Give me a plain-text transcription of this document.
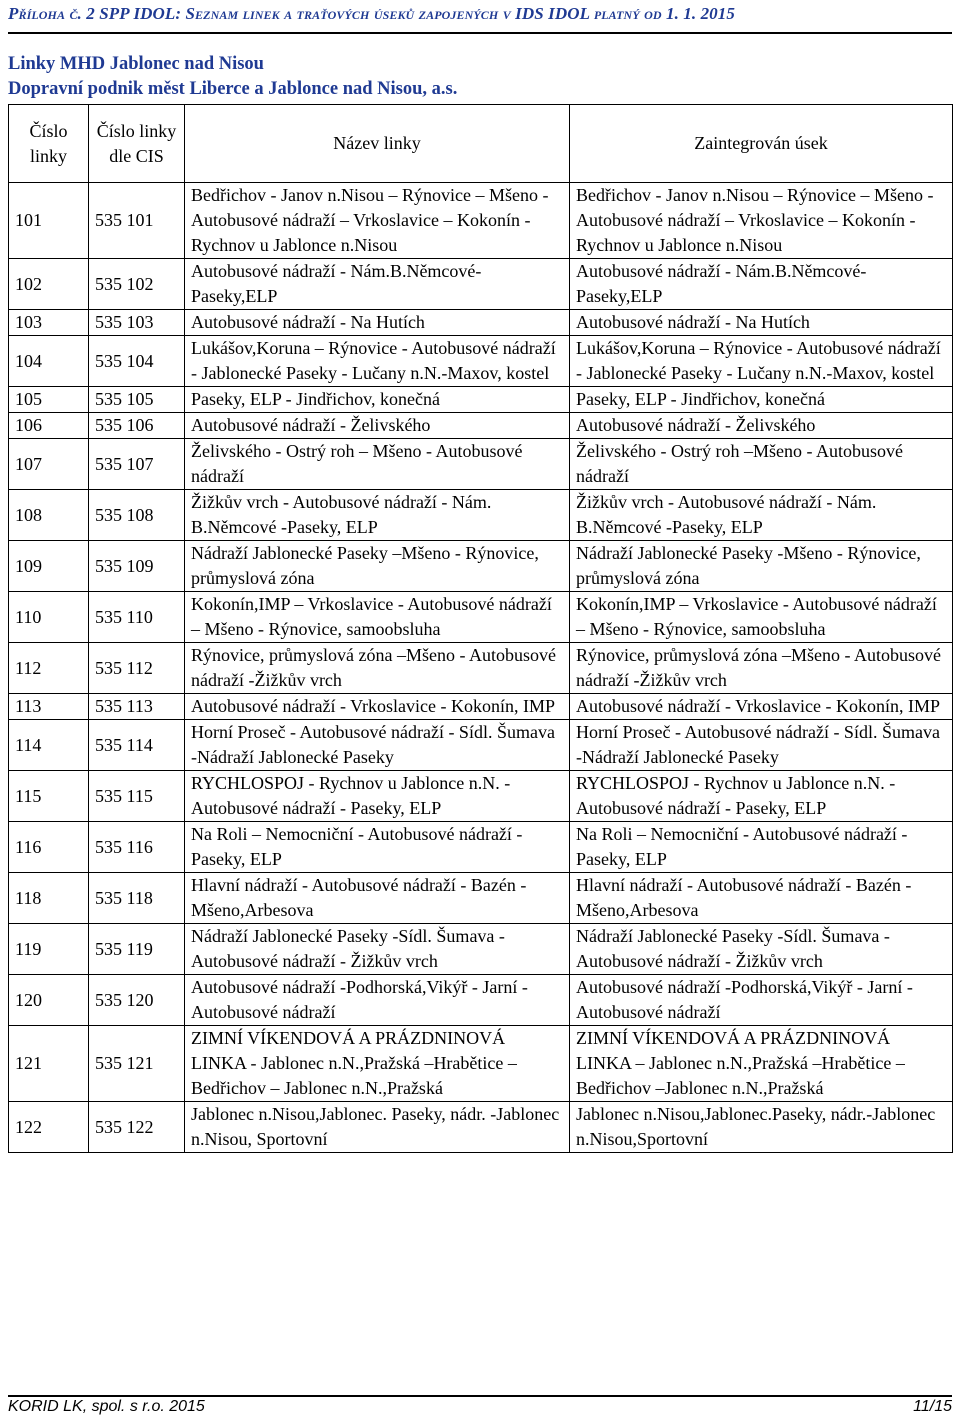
Příloha č. 2 SPP IDOL: Seznam linek a traťových úseků zapojených v IDS IDOL platný od 1. 1. 2015
Linky MHD Jablonec nad Nisou
Dopravní podnik měst Liberce a Jablonce nad Nisou, a.s.
Číslo linky	Číslo linky dle CIS	Název linky	Zaintegrován úsek
101	535 101	Bedřichov - Janov n.Nisou – Rýnovice – Mšeno - Autobusové nádraží – Vrkoslavice – Kokonín -Rychnov u Jablonce n.Nisou	Bedřichov - Janov n.Nisou – Rýnovice – Mšeno - Autobusové nádraží – Vrkoslavice – Kokonín -Rychnov u Jablonce n.Nisou
102	535 102	Autobusové nádraží - Nám.B.Němcové-Paseky,ELP	Autobusové nádraží - Nám.B.Němcové-Paseky,ELP
103	535 103	Autobusové nádraží - Na Hutích	Autobusové nádraží - Na Hutích
104	535 104	Lukášov,Koruna – Rýnovice - Autobusové nádraží - Jablonecké Paseky - Lučany n.N.-Maxov, kostel	Lukášov,Koruna – Rýnovice - Autobusové nádraží - Jablonecké Paseky - Lučany n.N.-Maxov, kostel
105	535 105	Paseky, ELP - Jindřichov, konečná	Paseky, ELP - Jindřichov, konečná
106	535 106	Autobusové nádraží - Želivského	Autobusové nádraží - Želivského
107	535 107	Želivského - Ostrý roh – Mšeno - Autobusové nádraží	Želivského - Ostrý roh –Mšeno - Autobusové nádraží
108	535 108	Žižkův vrch - Autobusové nádraží - Nám. B.Němcové -Paseky, ELP	Žižkův vrch - Autobusové nádraží - Nám. B.Němcové -Paseky, ELP
109	535 109	Nádraží Jablonecké Paseky –Mšeno - Rýnovice, průmyslová zóna	Nádraží Jablonecké Paseky -Mšeno - Rýnovice, průmyslová zóna
110	535 110	Kokonín,IMP – Vrkoslavice - Autobusové nádraží – Mšeno - Rýnovice, samoobsluha	Kokonín,IMP – Vrkoslavice - Autobusové nádraží – Mšeno - Rýnovice, samoobsluha
112	535 112	Rýnovice, průmyslová zóna –Mšeno - Autobusové nádraží -Žižkův vrch	Rýnovice, průmyslová zóna –Mšeno - Autobusové nádraží -Žižkův vrch
113	535 113	Autobusové nádraží - Vrkoslavice - Kokonín, IMP	Autobusové nádraží - Vrkoslavice - Kokonín, IMP
114	535 114	Horní Proseč - Autobusové nádraží - Sídl. Šumava -Nádraží Jablonecké Paseky	Horní Proseč - Autobusové nádraží - Sídl. Šumava -Nádraží Jablonecké Paseky
115	535 115	RYCHLOSPOJ - Rychnov u Jablonce n.N. - Autobusové nádraží - Paseky, ELP	RYCHLOSPOJ - Rychnov u Jablonce n.N. - Autobusové nádraží - Paseky, ELP
116	535 116	Na Roli – Nemocniční - Autobusové nádraží - Paseky, ELP	Na Roli – Nemocniční - Autobusové nádraží - Paseky, ELP
118	535 118	Hlavní nádraží - Autobusové nádraží - Bazén - Mšeno,Arbesova	Hlavní nádraží - Autobusové nádraží - Bazén - Mšeno,Arbesova
119	535 119	Nádraží Jablonecké Paseky -Sídl. Šumava - Autobusové nádraží - Žižkův vrch	Nádraží Jablonecké Paseky -Sídl. Šumava - Autobusové nádraží - Žižkův vrch
120	535 120	Autobusové nádraží -Podhorská,Vikýř - Jarní -Autobusové nádraží	Autobusové nádraží -Podhorská,Vikýř - Jarní -Autobusové nádraží
121	535 121	ZIMNÍ VÍKENDOVÁ A PRÁZDNINOVÁ LINKA - Jablonec n.N.,Pražská –Hrabětice – Bedřichov – Jablonec n.N.,Pražská	ZIMNÍ VÍKENDOVÁ A PRÁZDNINOVÁ LINKA – Jablonec n.N.,Pražská –Hrabětice – Bedřichov –Jablonec n.N.,Pražská
122	535 122	Jablonec n.Nisou,Jablonec. Paseky, nádr. -Jablonec n.Nisou, Sportovní	Jablonec n.Nisou,Jablonec.Paseky, nádr.-Jablonec n.Nisou,Sportovní
KORID LK, spol. s r.o. 2015	11/15
